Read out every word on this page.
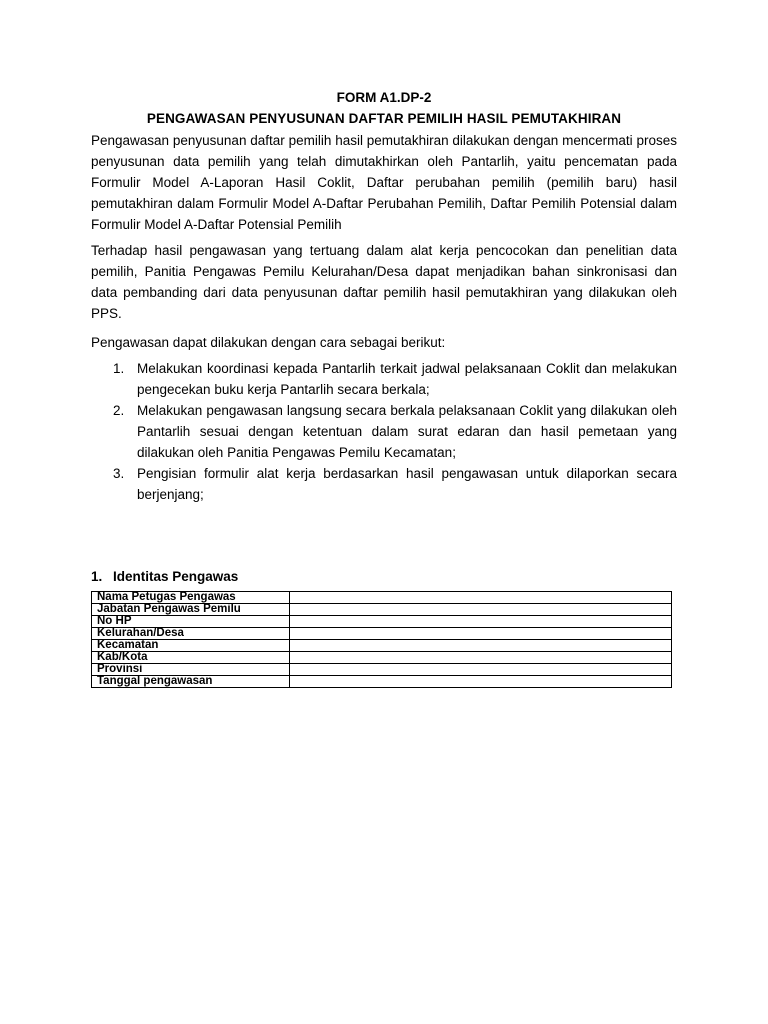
FORM A1.DP-2
PENGAWASAN PENYUSUNAN DAFTAR PEMILIH HASIL PEMUTAKHIRAN

Pengawasan penyusunan daftar pemilih hasil pemutakhiran dilakukan dengan mencermati proses penyusunan data pemilih yang telah dimutakhirkan oleh Pantarlih, yaitu pencematan pada Formulir Model A-Laporan Hasil Coklit, Daftar perubahan pemilih (pemilih baru) hasil pemutakhiran dalam Formulir Model A-Daftar Perubahan Pemilih, Daftar Pemilih Potensial dalam Formulir Model A-Daftar Potensial Pemilih

Terhadap hasil pengawasan yang tertuang dalam alat kerja pencocokan dan penelitian data pemilih, Panitia Pengawas Pemilu Kelurahan/Desa dapat menjadikan bahan sinkronisasi dan data pembanding dari data penyusunan daftar pemilih hasil pemutakhiran yang dilakukan oleh PPS.

Pengawasan dapat dilakukan dengan cara sebagai berikut:

1. Melakukan koordinasi kepada Pantarlih terkait jadwal pelaksanaan Coklit dan melakukan pengecekan buku kerja Pantarlih secara berkala;
2. Melakukan pengawasan langsung secara berkala pelaksanaan Coklit yang dilakukan oleh Pantarlih sesuai dengan ketentuan dalam surat edaran dan hasil pemetaan yang dilakukan oleh Panitia Pengawas Pemilu Kecamatan;
3. Pengisian formulir alat kerja berdasarkan hasil pengawasan untuk dilaporkan secara berjenjang;
1. Identitas Pengawas
Nama Petugas Pengawas	
Jabatan Pengawas Pemilu	
No HP	
Kelurahan/Desa	
Kecamatan	
Kab/Kota	
Provinsi	
Tanggal pengawasan	
